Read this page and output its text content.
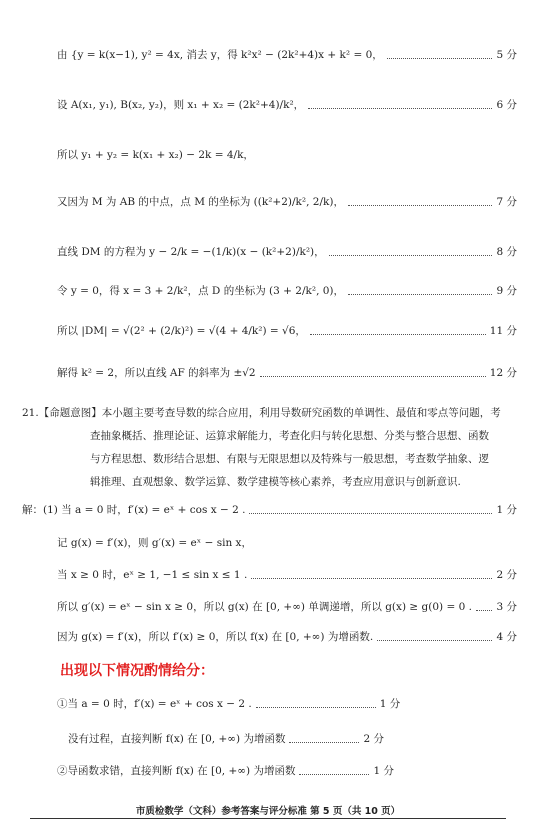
由 {y = k(x−1), y² = 4x, 消去 y，得 k²x² − (2k²+4)x + k² = 0，	5 分
设 A(x₁, y₁), B(x₂, y₂)，则 x₁ + x₂ = (2k²+4)/k²，	6 分
所以 y₁ + y₂ = k(x₁ + x₂) − 2k = 4/k，
又因为 M 为 AB 的中点，点 M 的坐标为 ((k²+2)/k², 2/k)，	7 分
直线 DM 的方程为 y − 2/k = −(1/k)(x − (k²+2)/k²)，	8 分
令 y = 0，得 x = 3 + 2/k²，点 D 的坐标为 (3 + 2/k², 0)，	9 分
所以 |DM| = √(2² + (2/k)²) = √(4 + 4/k²) = √6，	11 分
解得 k² = 2，所以直线 AF 的斜率为 ±√2	12 分
21.【命题意图】本小题主要考查导数的综合应用，利用导数研究函数的单调性、最值和零点等问题，考
查抽象概括、推理论证、运算求解能力，考查化归与转化思想、分类与整合思想、函数
与方程思想、数形结合思想、有限与无限思想以及特殊与一般思想，考查数学抽象、逻
辑推理、直观想象、数学运算、数学建模等核心素养，考查应用意识与创新意识.
解：(1) 当 a = 0 时，f′(x) = eˣ + cos x − 2 .	1 分
记 g(x) = f′(x)，则 g′(x) = eˣ − sin x，
当 x ≥ 0 时，eˣ ≥ 1, −1 ≤ sin x ≤ 1 .	2 分
所以 g′(x) = eˣ − sin x ≥ 0，所以 g(x) 在 [0, +∞) 单调递增，所以 g(x) ≥ g(0) = 0 . 3 分
因为 g(x) = f′(x)，所以 f′(x) ≥ 0，所以 f(x) 在 [0, +∞) 为增函数.	4 分
出现以下情况酌情给分：
①当 a = 0 时，f′(x) = eˣ + cos x − 2 .	1 分
没有过程，直接判断 f(x) 在 [0, +∞) 为增函数	2 分
②导函数求错，直接判断 f(x) 在 [0, +∞) 为增函数	1 分
市质检数学（文科）参考答案与评分标准 第 5 页（共 10 页）
